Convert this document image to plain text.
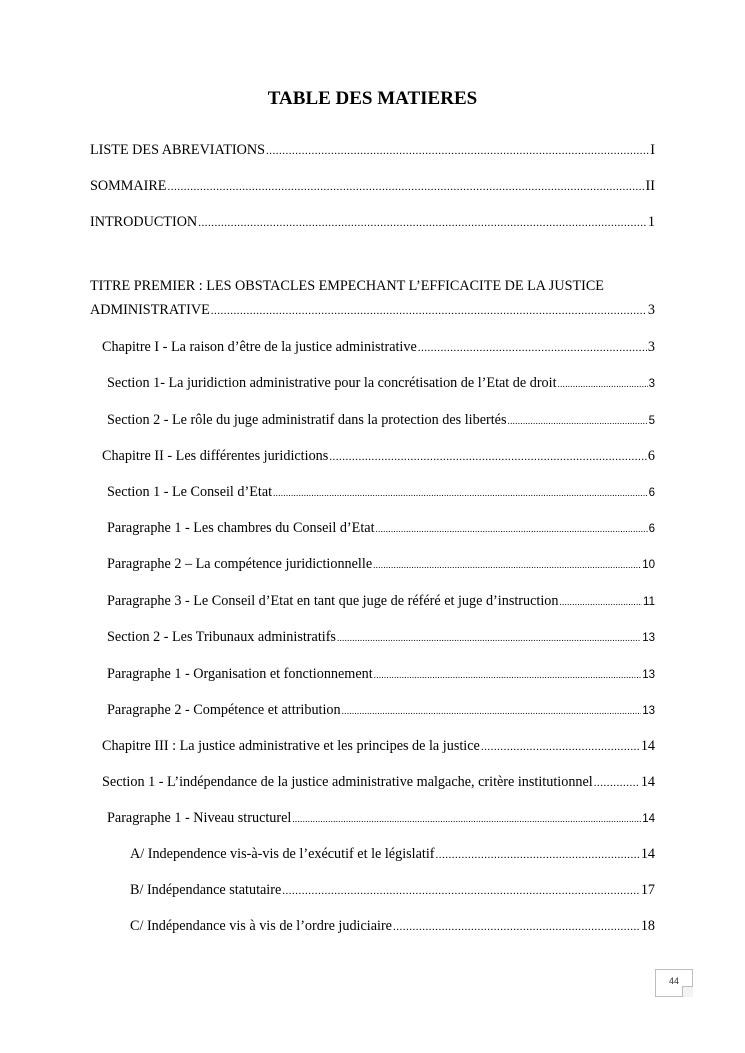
TABLE DES MATIERES
LISTE DES ABREVIATIONS .....	I
SOMMAIRE .....	II
INTRODUCTION .....	1
TITRE PREMIER : LES OBSTACLES EMPECHANT L’EFFICACITE DE LA JUSTICE
ADMINISTRATIVE .....	3
Chapitre I - La raison d’être de la justice administrative .....	3
Section 1- La juridiction administrative pour la concrétisation de l’Etat de droit .....	3
Section 2 - Le rôle du juge administratif dans la protection des libertés .....	5
Chapitre II - Les différentes juridictions .....	6
Section 1 - Le Conseil d’Etat .....	6
Paragraphe 1 - Les chambres du Conseil d’Etat .....	6
Paragraphe 2 – La compétence juridictionnelle .....	10
Paragraphe 3 - Le Conseil d’Etat en tant que juge de référé et juge d’instruction .....	11
Section 2 - Les Tribunaux administratifs .....	13
Paragraphe 1 - Organisation et fonctionnement .....	13
Paragraphe 2 - Compétence et attribution .....	13
Chapitre III : La justice administrative et les principes de la justice .....	14
Section 1 - L’indépendance de la justice administrative malgache, critère institutionnel .....	14
Paragraphe 1 - Niveau structurel .....	14
A/ Independence vis-à-vis de l’exécutif et le législatif .....	14
B/ Indépendance statutaire .....	17
C/ Indépendance vis à vis de l’ordre judiciaire .....	18
44
